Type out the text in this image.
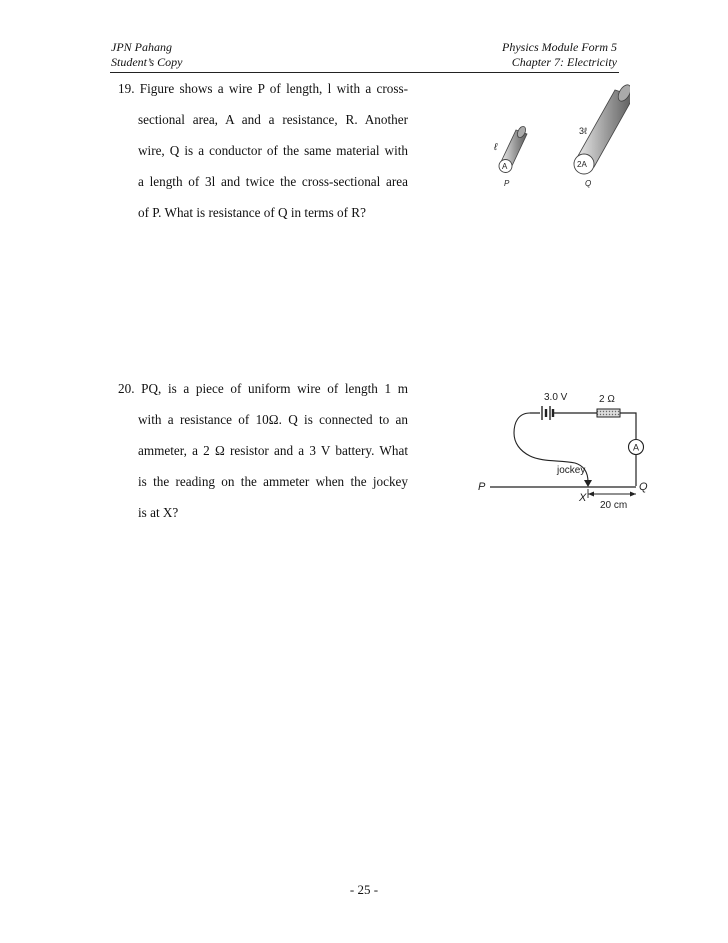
JPN Pahang
Student’s Copy
Physics Module Form 5
Chapter 7: Electricity
19. Figure shows a wire P of length, l with a cross-
sectional area, A and a resistance, R. Another
wire, Q is a conductor of the same material with
a length of 3l and twice the cross-sectional area
of P. What is resistance of Q in terms of R?
ℓ
A
P
3ℓ
2A
Q
20. PQ, is a piece of uniform wire of length 1 m
with a resistance of 10Ω. Q is connected to an
ammeter, a 2 Ω resistor and a 3 V battery. What
is the reading on the ammeter when the jockey
is at X?
3.0 V	2 Ω
A
P	Q
jockey
X
20 cm
- 25 -
